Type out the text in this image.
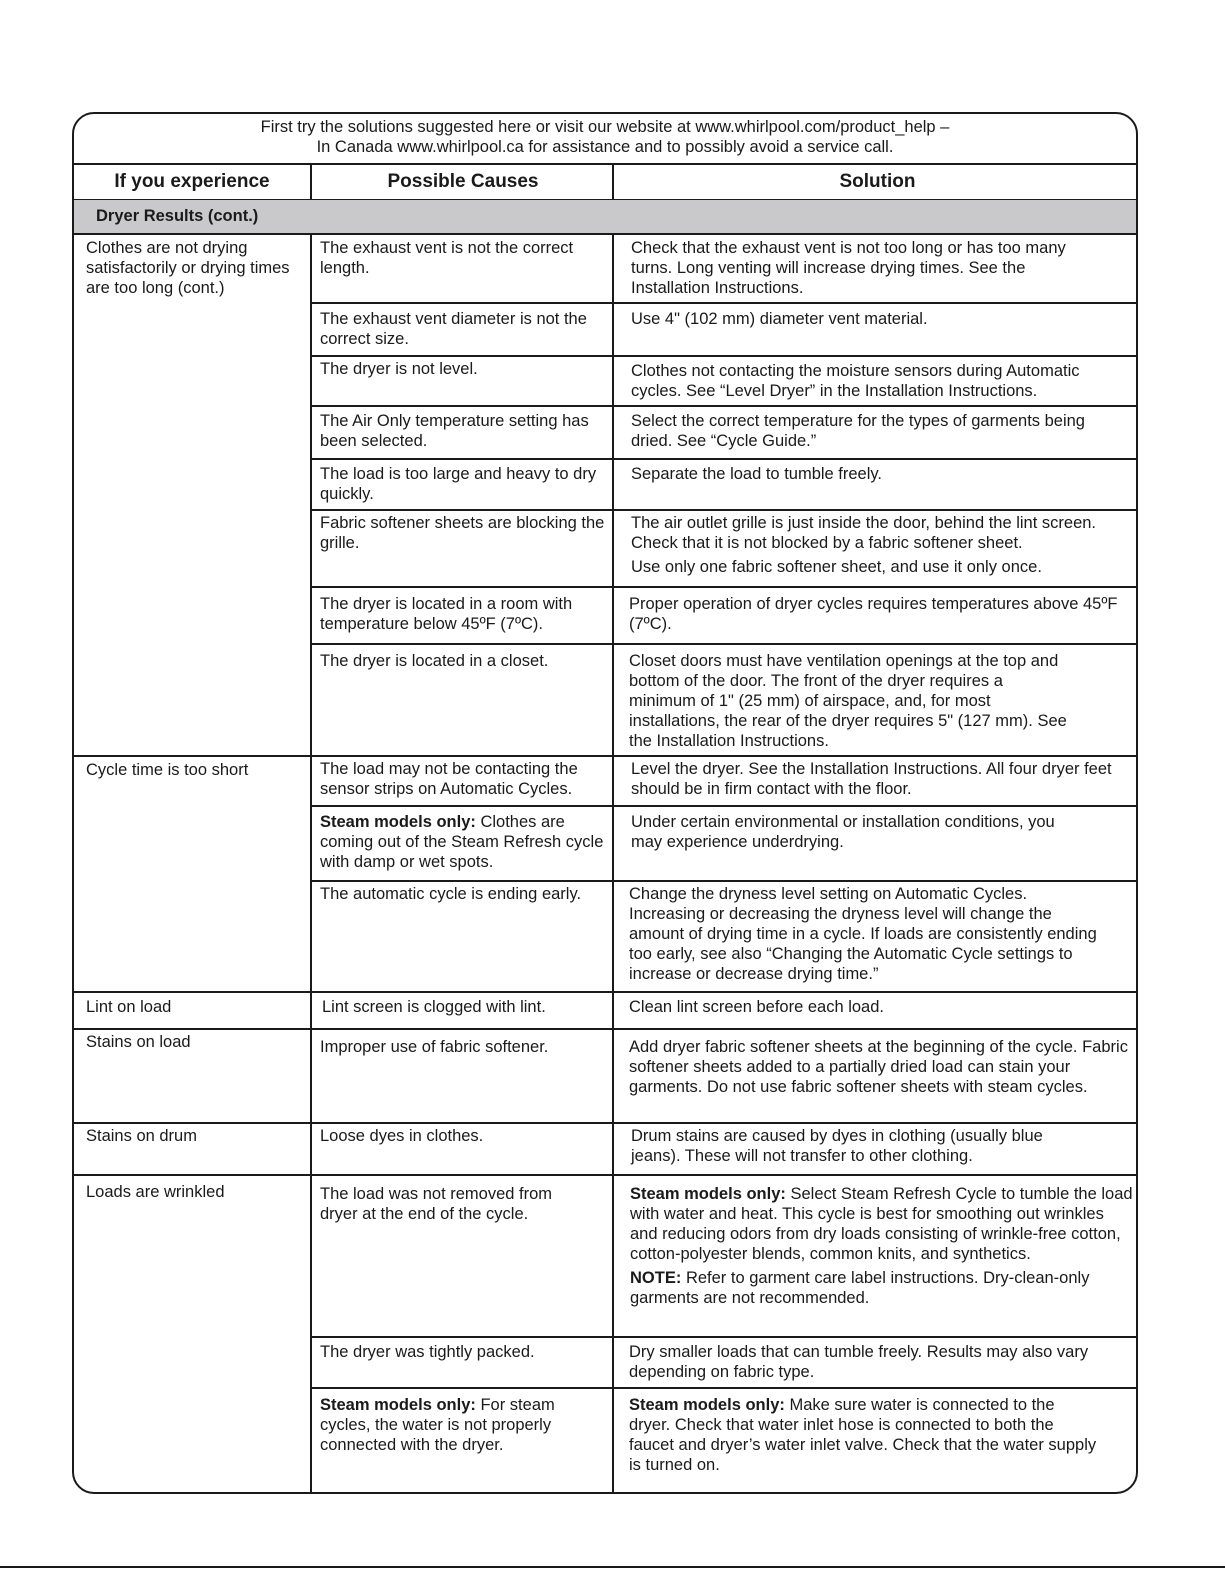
First try the solutions suggested here or visit our website at www.whirlpool.com/product_help –
In Canada www.whirlpool.ca for assistance and to possibly avoid a service call.
If you experience	Possible Causes	Solution
Dryer Results (cont.)
Clothes are not drying satisfactorily or drying times are too long (cont.)
Cycle time is too short
Lint on load
Stains on load
Stains on drum
Loads are wrinkled
The exhaust vent is not the correct length.
The exhaust vent diameter is not the correct size.
The dryer is not level.
The Air Only temperature setting has been selected.
The load is too large and heavy to dry quickly.
Fabric softener sheets are blocking the grille.
The dryer is located in a room with temperature below 45ºF (7ºC).
The dryer is located in a closet.
The load may not be contacting the sensor strips on Automatic Cycles.
Steam models only: Clothes are coming out of the Steam Refresh cycle with damp or wet spots.
The automatic cycle is ending early.
Lint screen is clogged with lint.
Improper use of fabric softener.
Loose dyes in clothes.
The load was not removed from dryer at the end of the cycle.
The dryer was tightly packed.
Steam models only: For steam cycles, the water is not properly connected with the dryer.
Check that the exhaust vent is not too long or has too many turns. Long venting will increase drying times. See the Installation Instructions.
Use 4" (102 mm) diameter vent material.
Clothes not contacting the moisture sensors during Automatic cycles. See “Level Dryer” in the Installation Instructions.
Select the correct temperature for the types of garments being dried. See “Cycle Guide.”
Separate the load to tumble freely.

The air outlet grille is just inside the door, behind the lint screen. Check that it is not blocked by a fabric softener sheet.

Use only one fabric softener sheet, and use it only once.

Proper operation of dryer cycles requires temperatures above 45ºF (7ºC).
Closet doors must have ventilation openings at the top and bottom of the door. The front of the dryer requires a minimum of 1" (25 mm) of airspace, and, for most installations, the rear of the dryer requires 5" (127 mm). See the Installation Instructions.
Level the dryer. See the Installation Instructions. All four dryer feet should be in firm contact with the floor.
Under certain environmental or installation conditions, you may experience underdrying.
Change the dryness level setting on Automatic Cycles. Increasing or decreasing the dryness level will change the amount of drying time in a cycle. If loads are consistently ending too early, see also “Changing the Automatic Cycle settings to increase or decrease drying time.”
Clean lint screen before each load.
Add dryer fabric softener sheets at the beginning of the cycle. Fabric softener sheets added to a partially dried load can stain your garments. Do not use fabric softener sheets with steam cycles.
Drum stains are caused by dyes in clothing (usually blue jeans). These will not transfer to other clothing.

Steam models only: Select Steam Refresh Cycle to tumble the load with water and heat. This cycle is best for smoothing out wrinkles and reducing odors from dry loads consisting of wrinkle-free cotton, cotton-polyester blends, common knits, and synthetics.

NOTE: Refer to garment care label instructions. Dry-clean-only garments are not recommended.

Dry smaller loads that can tumble freely. Results may also vary depending on fabric type.
Steam models only: Make sure water is connected to the dryer. Check that water inlet hose is connected to both the faucet and dryer’s water inlet valve. Check that the water supply is turned on.
